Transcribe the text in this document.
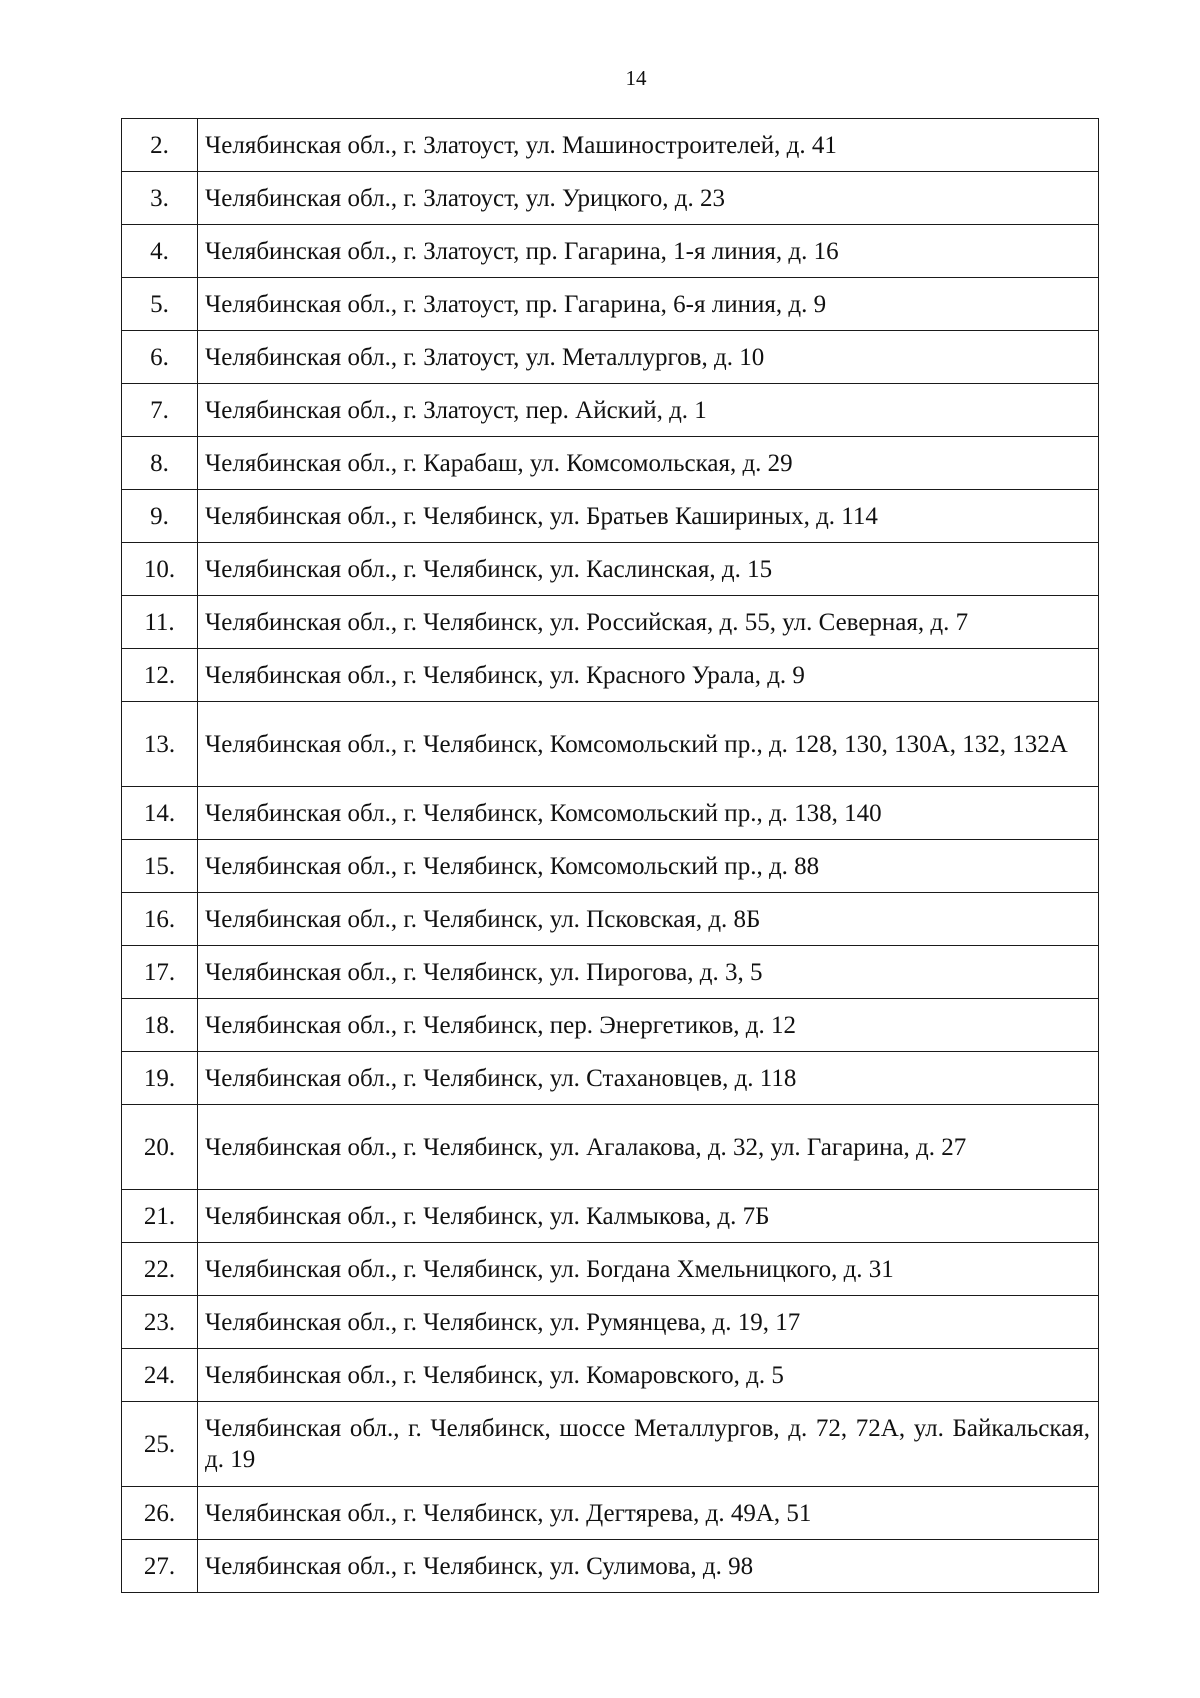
14
2.	Челябинская обл., г. Златоуст, ул. Машиностроителей, д. 41
3.	Челябинская обл., г. Златоуст, ул. Урицкого, д. 23
4.	Челябинская обл., г. Златоуст, пр. Гагарина, 1-я линия, д. 16
5.	Челябинская обл., г. Златоуст, пр. Гагарина, 6-я линия, д. 9
6.	Челябинская обл., г. Златоуст, ул. Металлургов, д. 10
7.	Челябинская обл., г. Златоуст, пер. Айский, д. 1
8.	Челябинская обл., г. Карабаш, ул. Комсомольская, д. 29
9.	Челябинская обл., г. Челябинск, ул. Братьев Кашириных, д. 114
10.	Челябинская обл., г. Челябинск, ул. Каслинская, д. 15
11.	Челябинская обл., г. Челябинск, ул. Российская, д. 55, ул. Северная, д. 7
12.	Челябинская обл., г. Челябинск, ул. Красного Урала, д. 9
13.	Челябинская обл., г. Челябинск, Комсомольский пр., д. 128, 130, 130А, 132, 132А
14.	Челябинская обл., г. Челябинск, Комсомольский пр., д. 138, 140
15.	Челябинская обл., г. Челябинск, Комсомольский пр., д. 88
16.	Челябинская обл., г. Челябинск, ул. Псковская, д. 8Б
17.	Челябинская обл., г. Челябинск, ул. Пирогова, д. 3, 5
18.	Челябинская обл., г. Челябинск, пер. Энергетиков, д. 12
19.	Челябинская обл., г. Челябинск, ул. Стахановцев, д. 118
20.	Челябинская обл., г. Челябинск, ул. Агалакова, д. 32, ул. Гагарина, д. 27
21.	Челябинская обл., г. Челябинск, ул. Калмыкова, д. 7Б
22.	Челябинская обл., г. Челябинск, ул. Богдана Хмельницкого, д. 31
23.	Челябинская обл., г. Челябинск, ул. Румянцева, д. 19, 17
24.	Челябинская обл., г. Челябинск, ул. Комаровского, д. 5
25.	Челябинская обл., г. Челябинск, шоссе Металлургов, д. 72, 72А, ул. Байкальская, д. 19
26.	Челябинская обл., г. Челябинск, ул. Дегтярева, д. 49А, 51
27.	Челябинская обл., г. Челябинск, ул. Сулимова, д. 98
